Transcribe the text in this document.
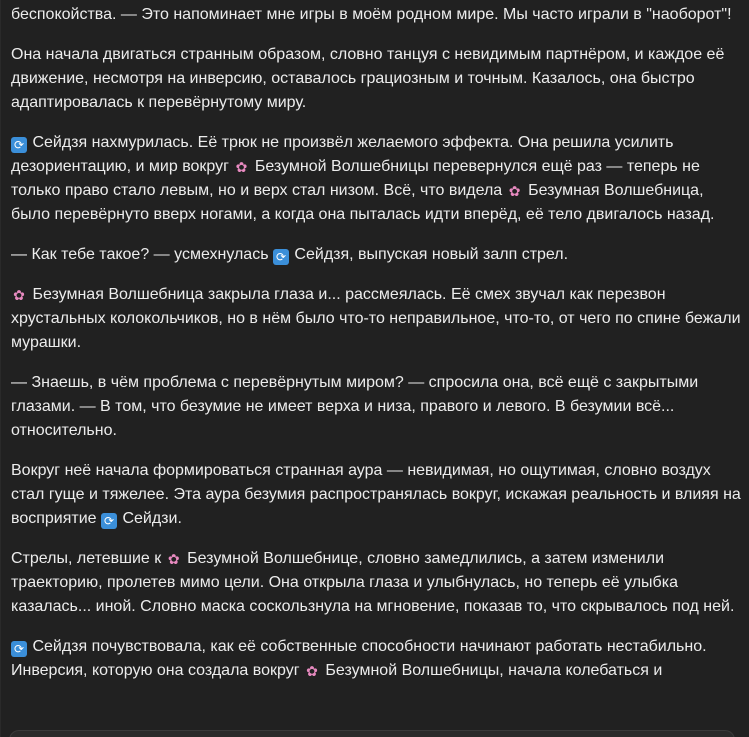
беспокойства. — Это напоминает мне игры в моём родном мире. Мы часто играли в "наоборот"!

Она начала двигаться странным образом, словно танцуя с невидимым партнёром, и каждое её движение, несмотря на инверсию, оставалось грациозным и точным. Казалось, она быстро адаптировалась к перевёрнутому миру.

⟳ Сейдзя нахмурилась. Её трюк не произвёл желаемого эффекта. Она решила усилить дезориентацию, и мир вокруг ✿ Безумной Волшебницы перевернулся ещё раз — теперь не только право стало левым, но и верх стал низом. Всё, что видела ✿ Безумная Волшебница, было перевёрнуто вверх ногами, а когда она пыталась идти вперёд, её тело двигалось назад.

— Как тебе такое? — усмехнулась ⟳ Сейдзя, выпуская новый залп стрел.

✿ Безумная Волшебница закрыла глаза и... рассмеялась. Её смех звучал как перезвон хрустальных колокольчиков, но в нём было что-то неправильное, что-то, от чего по спине бежали мурашки.

— Знаешь, в чём проблема с перевёрнутым миром? — спросила она, всё ещё с закрытыми глазами. — В том, что безумие не имеет верха и низа, правого и левого. В безумии всё... относительно.

Вокруг неё начала формироваться странная аура — невидимая, но ощутимая, словно воздух стал гуще и тяжелее. Эта аура безумия распространялась вокруг, искажая реальность и влияя на восприятие ⟳ Сейдзи.

Стрелы, летевшие к ✿ Безумной Волшебнице, словно замедлились, а затем изменили траекторию, пролетев мимо цели. Она открыла глаза и улыбнулась, но теперь её улыбка казалась... иной. Словно маска соскользнула на мгновение, показав то, что скрывалось под ней.

⟳ Сейдзя почувствовала, как её собственные способности начинают работать нестабильно. Инверсия, которую она создала вокруг ✿ Безумной Волшебницы, начала колебаться и
